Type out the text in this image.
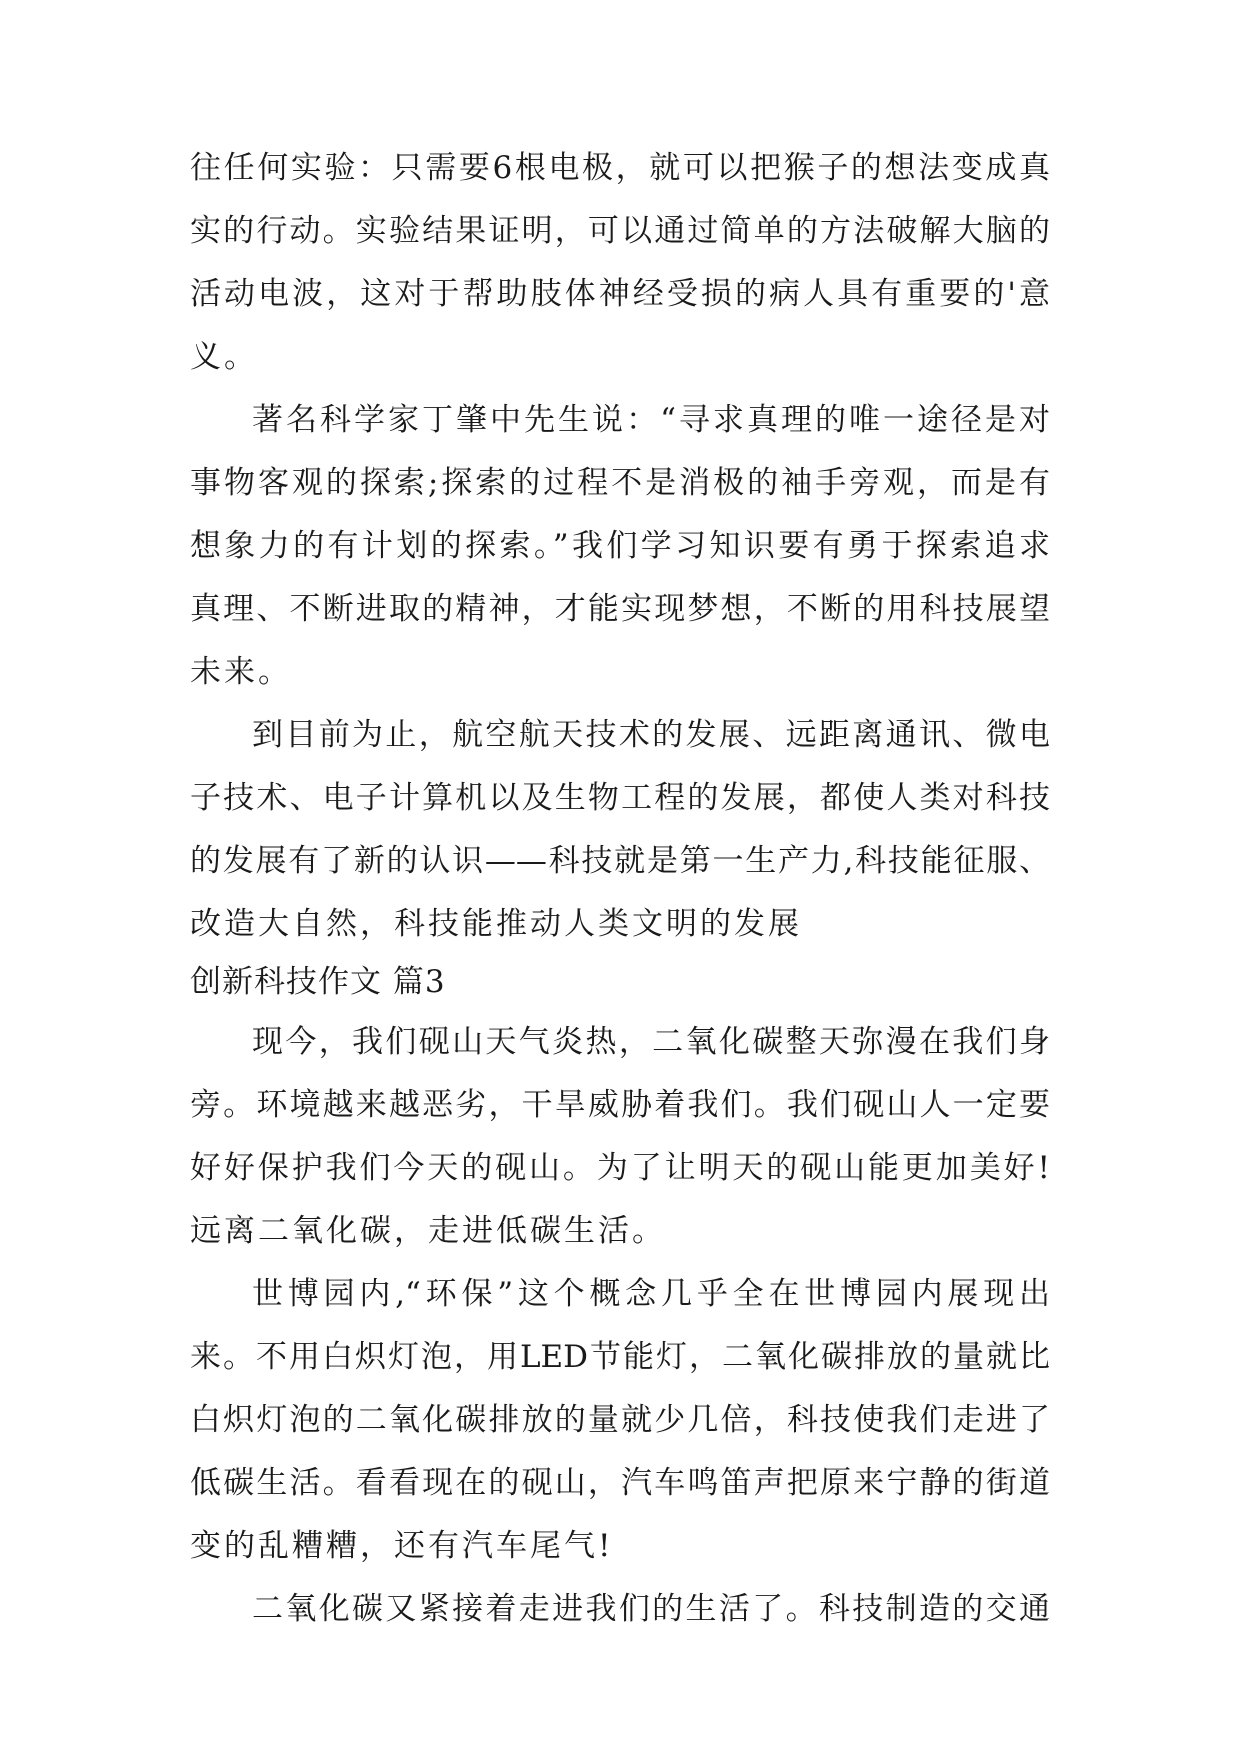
往任何实验：只需要6根电极，就可以把猴子的想法变成真
实的行动。实验结果证明，可以通过简单的方法破解大脑的
活动电波，这对于帮助肢体神经受损的病人具有重要的'意
义。
著名科学家丁肇中先生说：“寻求真理的唯一途径是对
事物客观的探索;探索的过程不是消极的袖手旁观，而是有
想象力的有计划的探索。”我们学习知识要有勇于探索追求
真理、不断进取的精神，才能实现梦想，不断的用科技展望
未来。
到目前为止，航空航天技术的发展、远距离通讯、微电
子技术、电子计算机以及生物工程的发展，都使人类对科技
的发展有了新的认识——科技就是第一生产力,科技能征服、
改造大自然，科技能推动人类文明的发展
创新科技作文 篇3
现今，我们砚山天气炎热，二氧化碳整天弥漫在我们身
旁。环境越来越恶劣，干旱威胁着我们。我们砚山人一定要
好好保护我们今天的砚山。为了让明天的砚山能更加美好!
远离二氧化碳，走进低碳生活。
世博园内,“环保”这个概念几乎全在世博园内展现出
来。不用白炽灯泡，用LED节能灯，二氧化碳排放的量就比
白炽灯泡的二氧化碳排放的量就少几倍，科技使我们走进了
低碳生活。看看现在的砚山，汽车鸣笛声把原来宁静的街道
变的乱糟糟，还有汽车尾气!
二氧化碳又紧接着走进我们的生活了。科技制造的交通
